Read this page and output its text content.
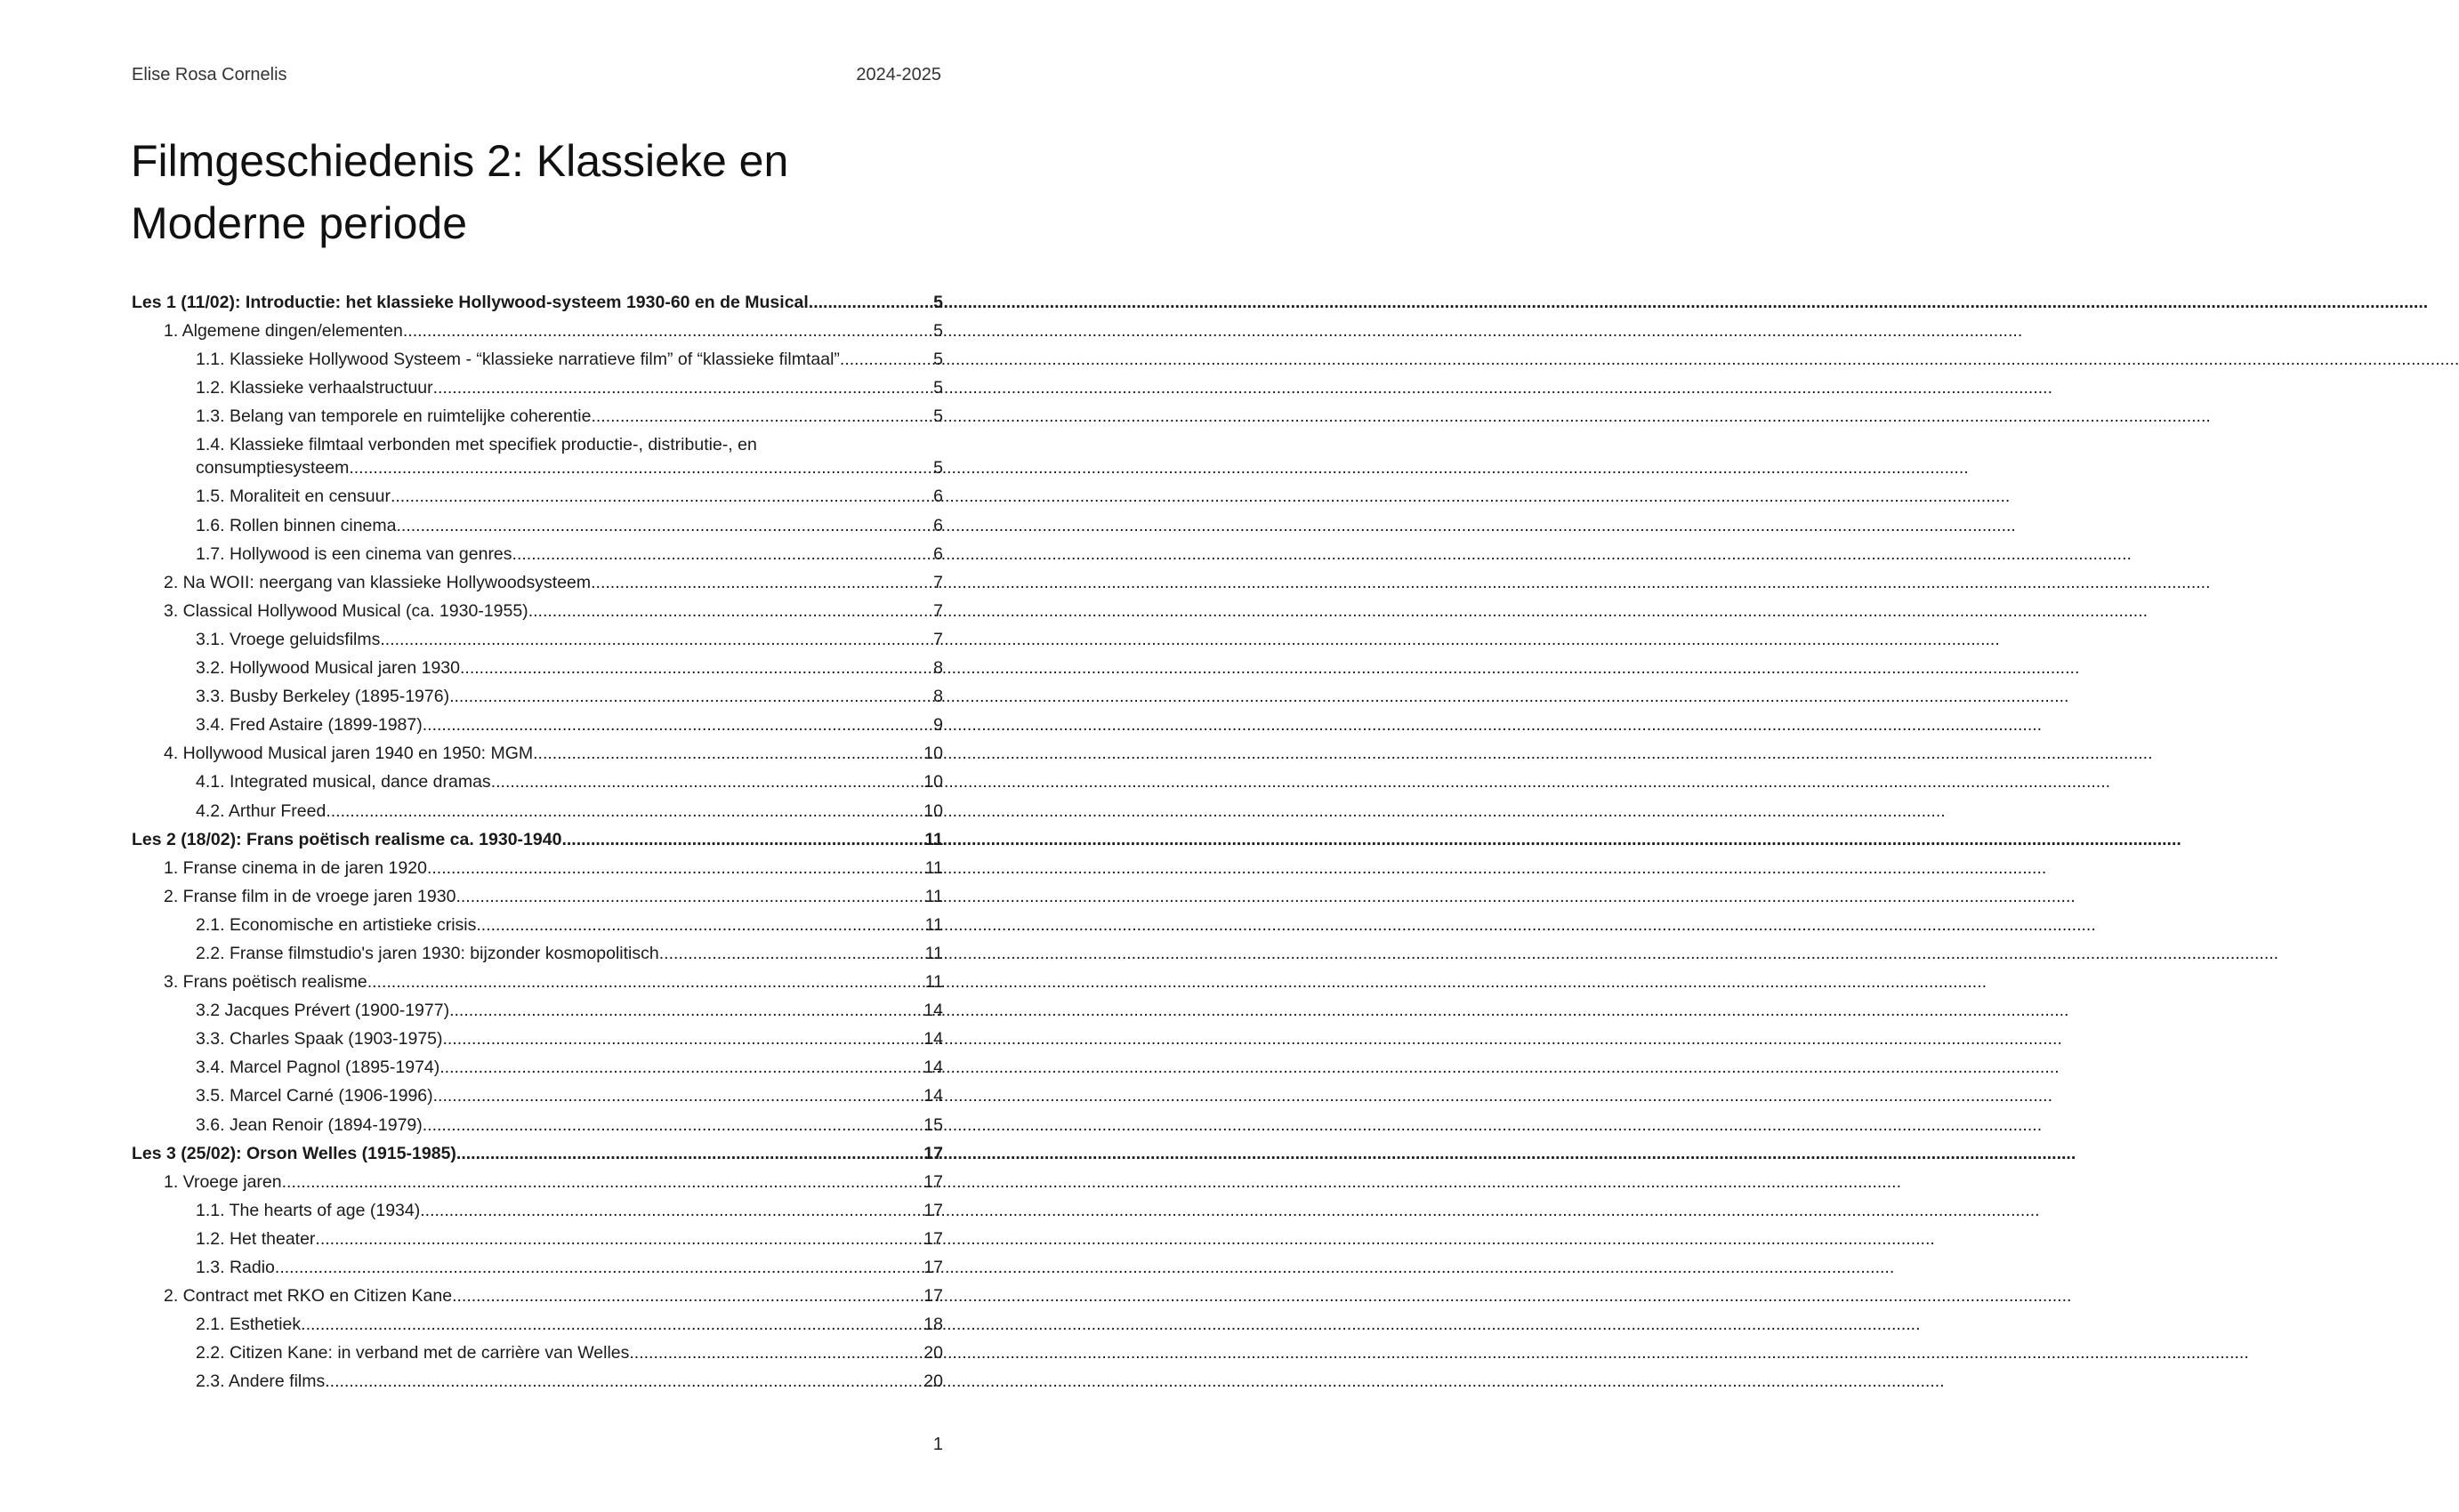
Elise Rosa Cornelis	2024-2025
Filmgeschiedenis 2: Klassieke en Moderne periode
Les 1 (11/02): Introductie: het klassieke Hollywood-systeem 1930-60 en de Musical .....	5
1. Algemene dingen/elementen .....	5
1.1. Klassieke Hollywood Systeem - “klassieke narratieve film” of “klassieke filmtaal” .....	5
1.2. Klassieke verhaalstructuur .....	5
1.3. Belang van temporele en ruimtelijke coherentie .....	5
1.4. Klassieke filmtaal verbonden met specifiek productie-, distributie-, en
consumptiesysteem .....	5
1.5. Moraliteit en censuur .....	6
1.6. Rollen binnen cinema .....	6
1.7. Hollywood is een cinema van genres .....	6
2. Na WOII: neergang van klassieke Hollywoodsysteem .....	7
3. Classical Hollywood Musical (ca. 1930-1955) .....	7
3.1. Vroege geluidsfilms .....	7
3.2. Hollywood Musical jaren 1930 .....	8
3.3. Busby Berkeley (1895-1976) .....	8
3.4. Fred Astaire (1899-1987) .....	9
4. Hollywood Musical jaren 1940 en 1950: MGM .....	10
4.1. Integrated musical, dance dramas .....	10
4.2. Arthur Freed .....	10
Les 2 (18/02): Frans poëtisch realisme ca. 1930-1940 .....	11
1. Franse cinema in de jaren 1920 .....	11
2. Franse film in de vroege jaren 1930 .....	11
2.1. Economische en artistieke crisis .....	11
2.2. Franse filmstudio's jaren 1930: bijzonder kosmopolitisch .....	11
3. Frans poëtisch realisme .....	11
3.2 Jacques Prévert (1900-1977) .....	14
3.3. Charles Spaak (1903-1975) .....	14
3.4. Marcel Pagnol (1895-1974) .....	14
3.5. Marcel Carné (1906-1996) .....	14
3.6. Jean Renoir (1894-1979) .....	15
Les 3 (25/02): Orson Welles (1915-1985) .....	17
1. Vroege jaren .....	17
1.1. The hearts of age (1934) .....	17
1.2. Het theater .....	17
1.3. Radio .....	17
2. Contract met RKO en Citizen Kane .....	17
2.1. Esthetiek .....	18
2.2. Citizen Kane: in verband met de carrière van Welles .....	20
2.3. Andere films .....	20
1
